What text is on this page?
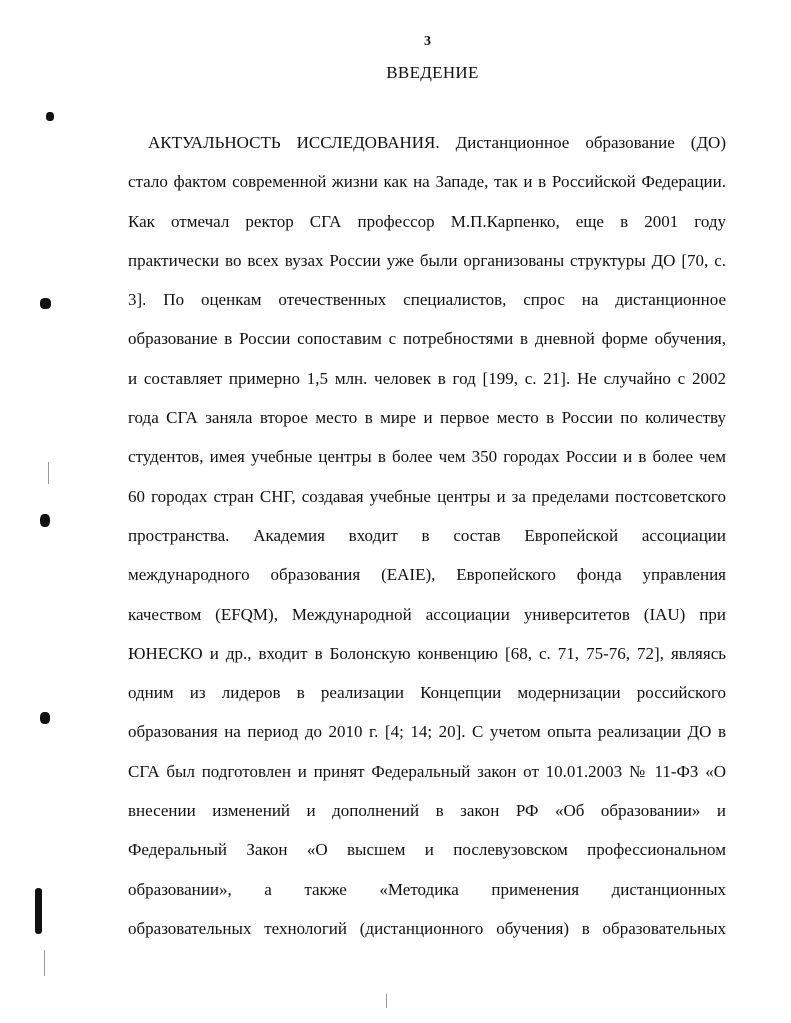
3
ВВЕДЕНИЕ
АКТУАЛЬНОСТЬ ИССЛЕДОВАНИЯ. Дистанционное образование (ДО)
стало фактом современной жизни как на Западе, так и в Российской Федерации.
Как отмечал ректор СГА профессор М.П.Карпенко, еще в 2001 году
практически во всех вузах России уже были организованы структуры ДО [70, с.
3]. По оценкам отечественных специалистов, спрос на дистанционное
образование в России сопоставим с потребностями в дневной форме обучения,
и составляет примерно 1,5 млн. человек в год [199, с. 21]. Не случайно с 2002
года СГА заняла второе место в мире и первое место в России по количеству
студентов, имея учебные центры в более чем 350 городах России и в более чем
60 городах стран СНГ, создавая учебные центры и за пределами постсоветского
пространства. Академия входит в состав Европейской ассоциации
международного образования (EAIE), Европейского фонда управления
качеством (EFQM), Международной ассоциации университетов (IAU) при
ЮНЕСКО и др., входит в Болонскую конвенцию [68, с. 71, 75-76, 72], являясь
одним из лидеров в реализации Концепции модернизации российского
образования на период до 2010 г. [4; 14; 20]. С учетом опыта реализации ДО в
СГА был подготовлен и принят Федеральный закон от 10.01.2003 № 11-ФЗ «О
внесении изменений и дополнений в закон РФ «Об образовании» и
Федеральный Закон «О высшем и послевузовском профессиональном
образовании», а также «Методика применения дистанционных
образовательных технологий (дистанционного обучения) в образовательных
